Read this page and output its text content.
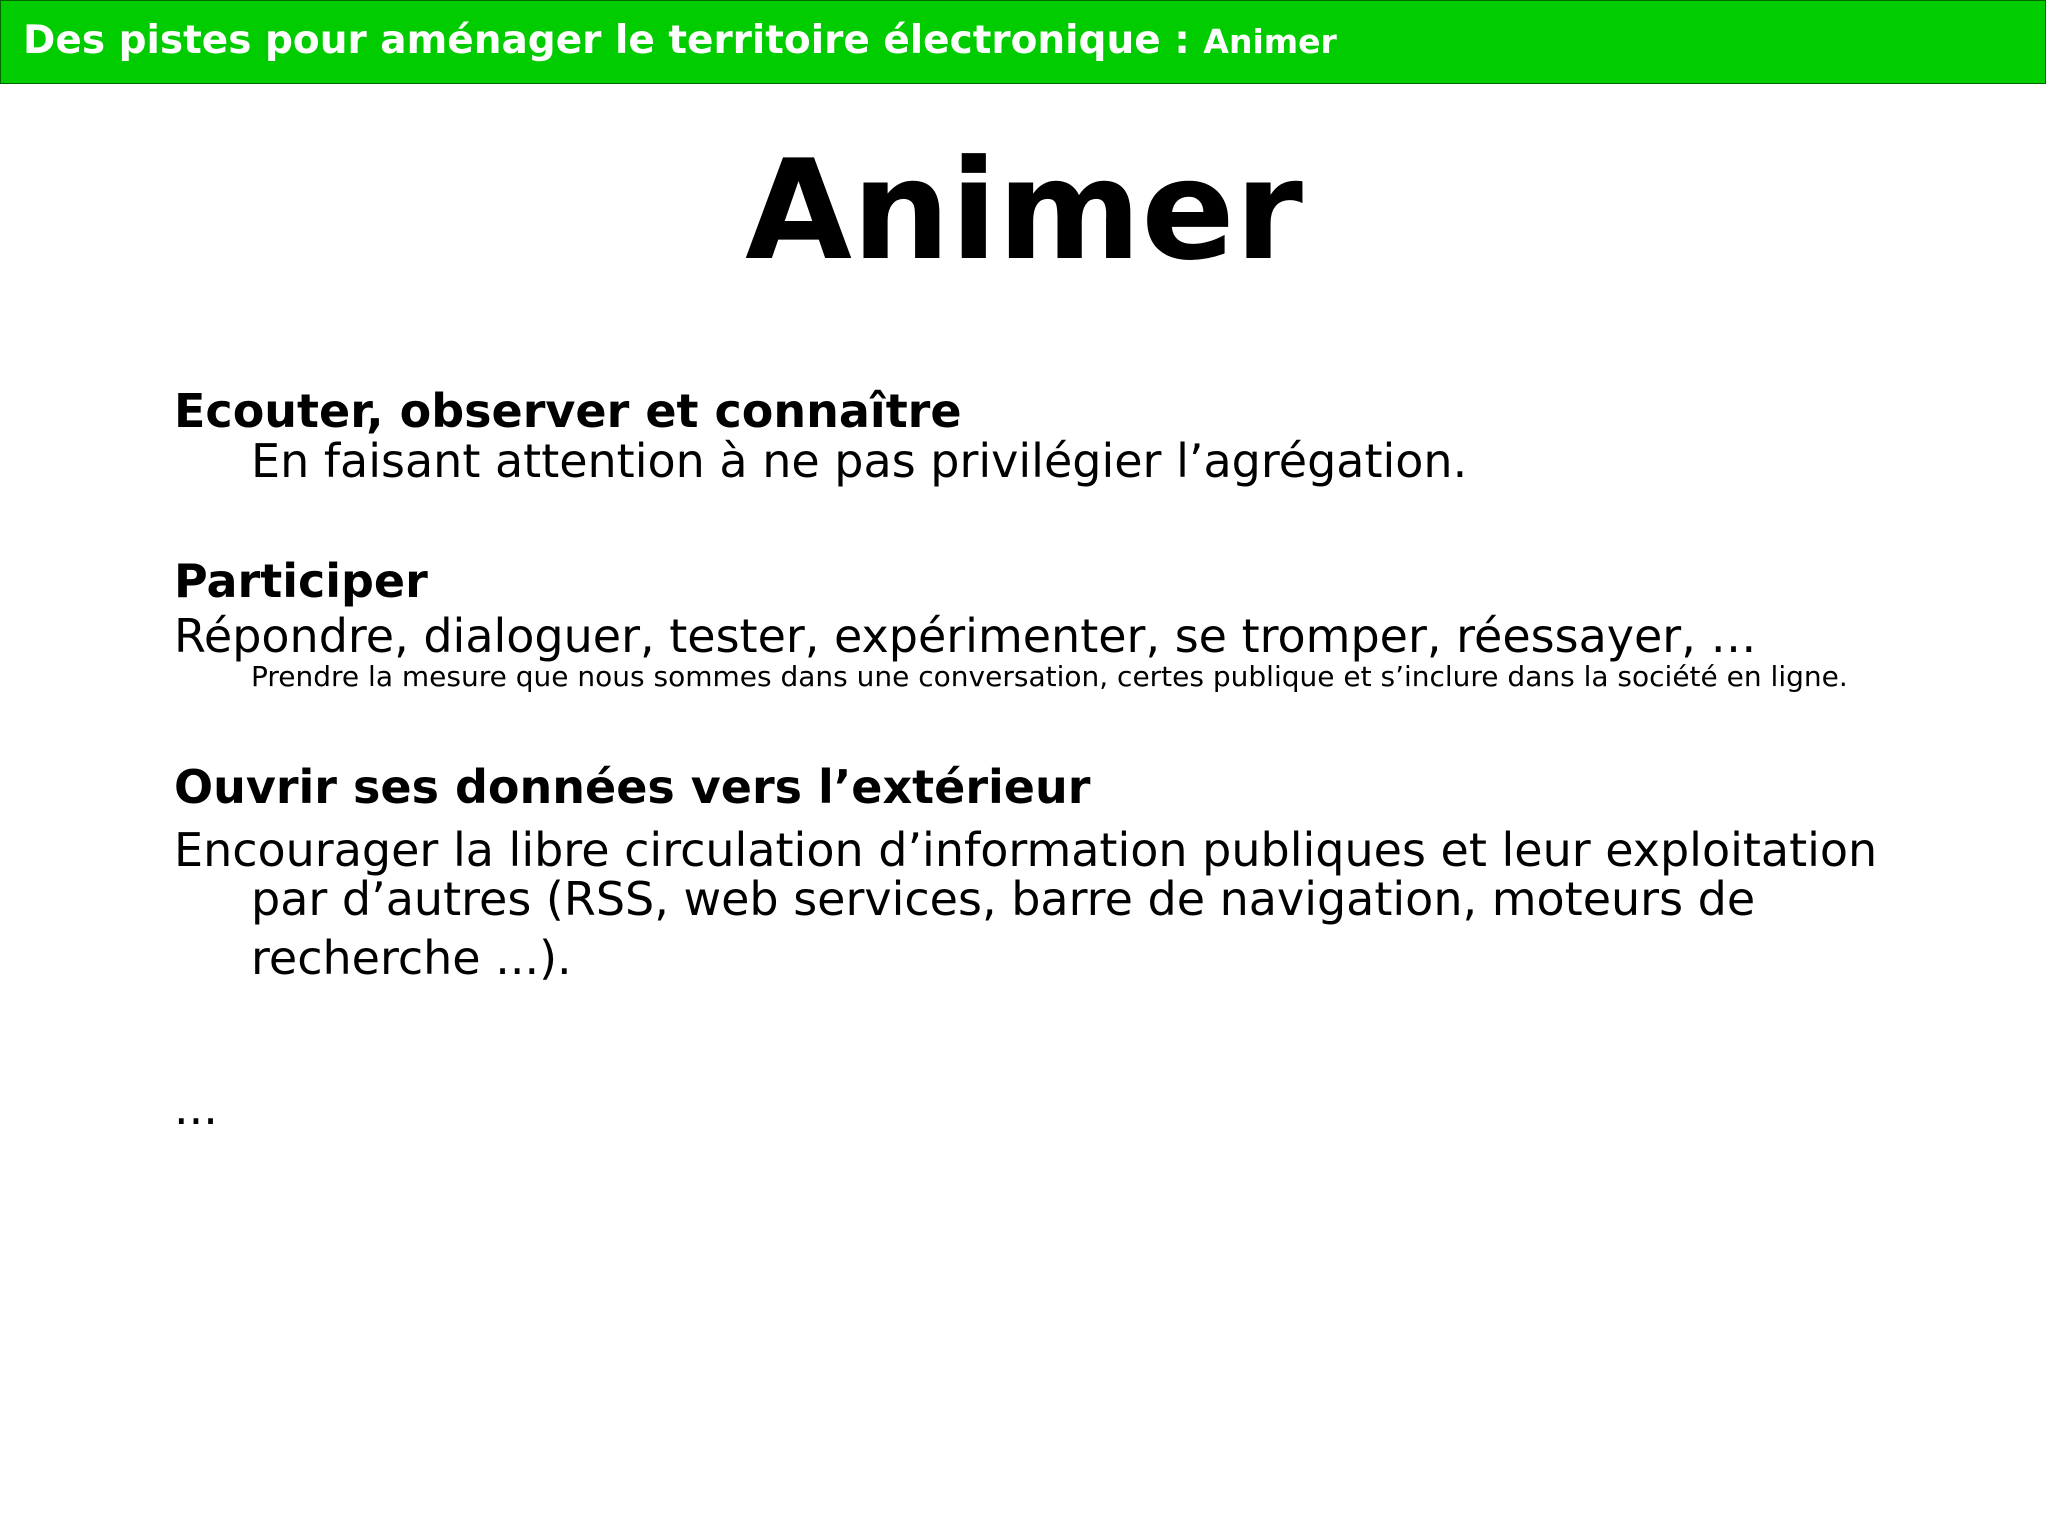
Des pistes pour aménager le territoire électronique : Animer
Animer
Ecouter, observer et connaître
En faisant attention à ne pas privilégier l’agrégation.
Participer
Répondre, dialoguer, tester, expérimenter, se tromper, réessayer, …
Prendre la mesure que nous sommes dans une conversation, certes publique et s’inclure dans la société en ligne.
Ouvrir ses données vers l’extérieur
Encourager la libre circulation d’information publiques et leur exploitation
par d’autres (RSS, web services, barre de navigation, moteurs de
recherche ...).
...
